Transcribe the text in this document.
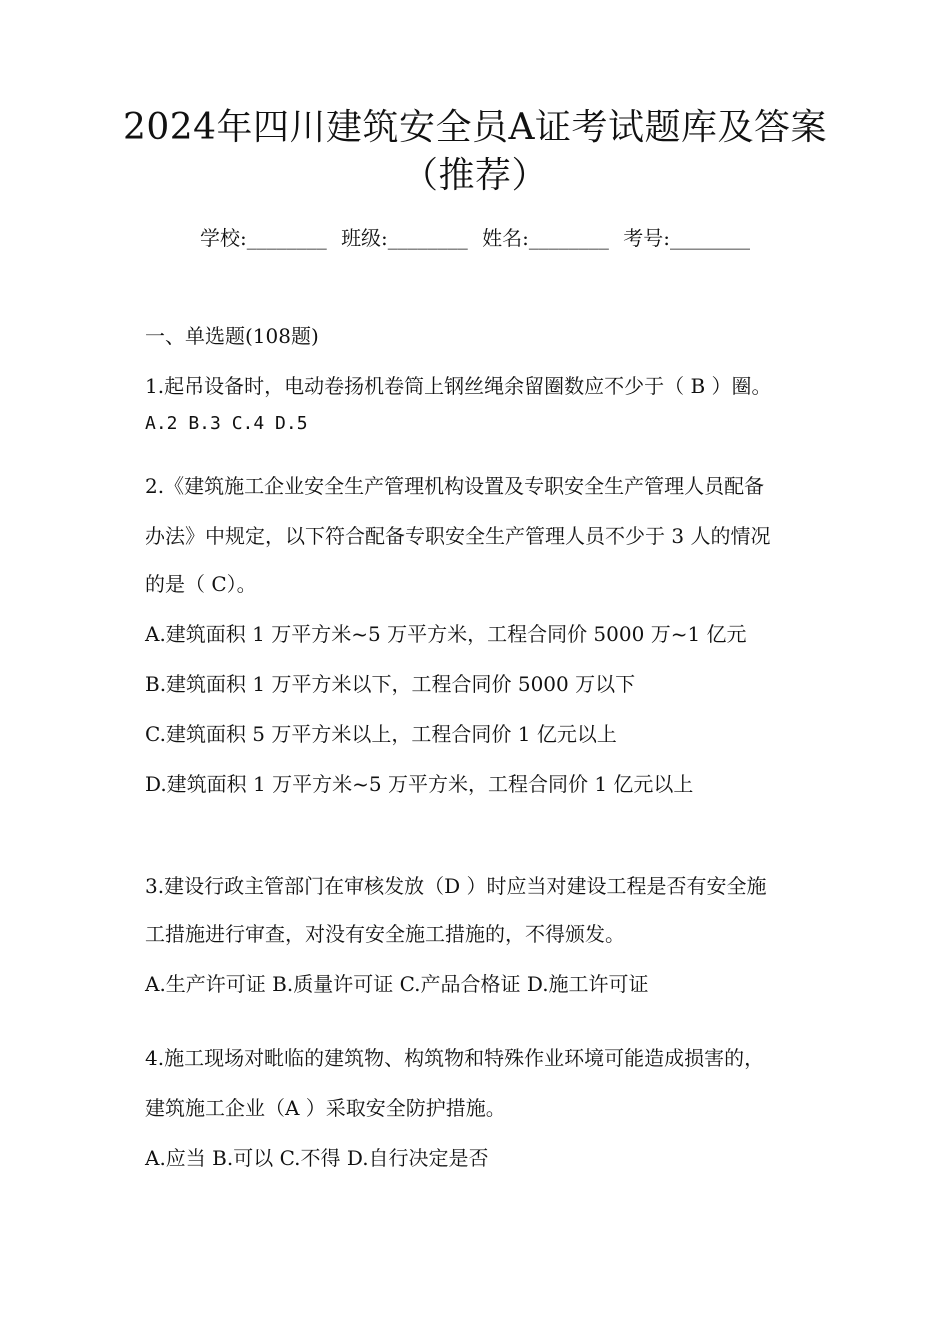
2024年四川建筑安全员A证考试题库及答案
（推荐）
学校:________ 班级:________ 姓名:________ 考号:________
一、单选题(108题)
1.起吊设备时，电动卷扬机卷筒上钢丝绳余留圈数应不少于（ B ）圈。
A.2 B.3 C.4 D.5
2.《建筑施工企业安全生产管理机构设置及专职安全生产管理人员配备
办法》中规定，以下符合配备专职安全生产管理人员不少于 3 人的情况
的是（ C）。
A.建筑面积 1 万平方米~5 万平方米，工程合同价 5000 万~1 亿元
B.建筑面积 1 万平方米以下，工程合同价 5000 万以下
C.建筑面积 5 万平方米以上，工程合同价 1 亿元以上
D.建筑面积 1 万平方米~5 万平方米，工程合同价 1 亿元以上
3.建设行政主管部门在审核发放（D ）时应当对建设工程是否有安全施
工措施进行审查，对没有安全施工措施的，不得颁发。
A.生产许可证 B.质量许可证 C.产品合格证 D.施工许可证
4.施工现场对毗临的建筑物、构筑物和特殊作业环境可能造成损害的，
建筑施工企业（A ）采取安全防护措施。
A.应当 B.可以 C.不得 D.自行决定是否
